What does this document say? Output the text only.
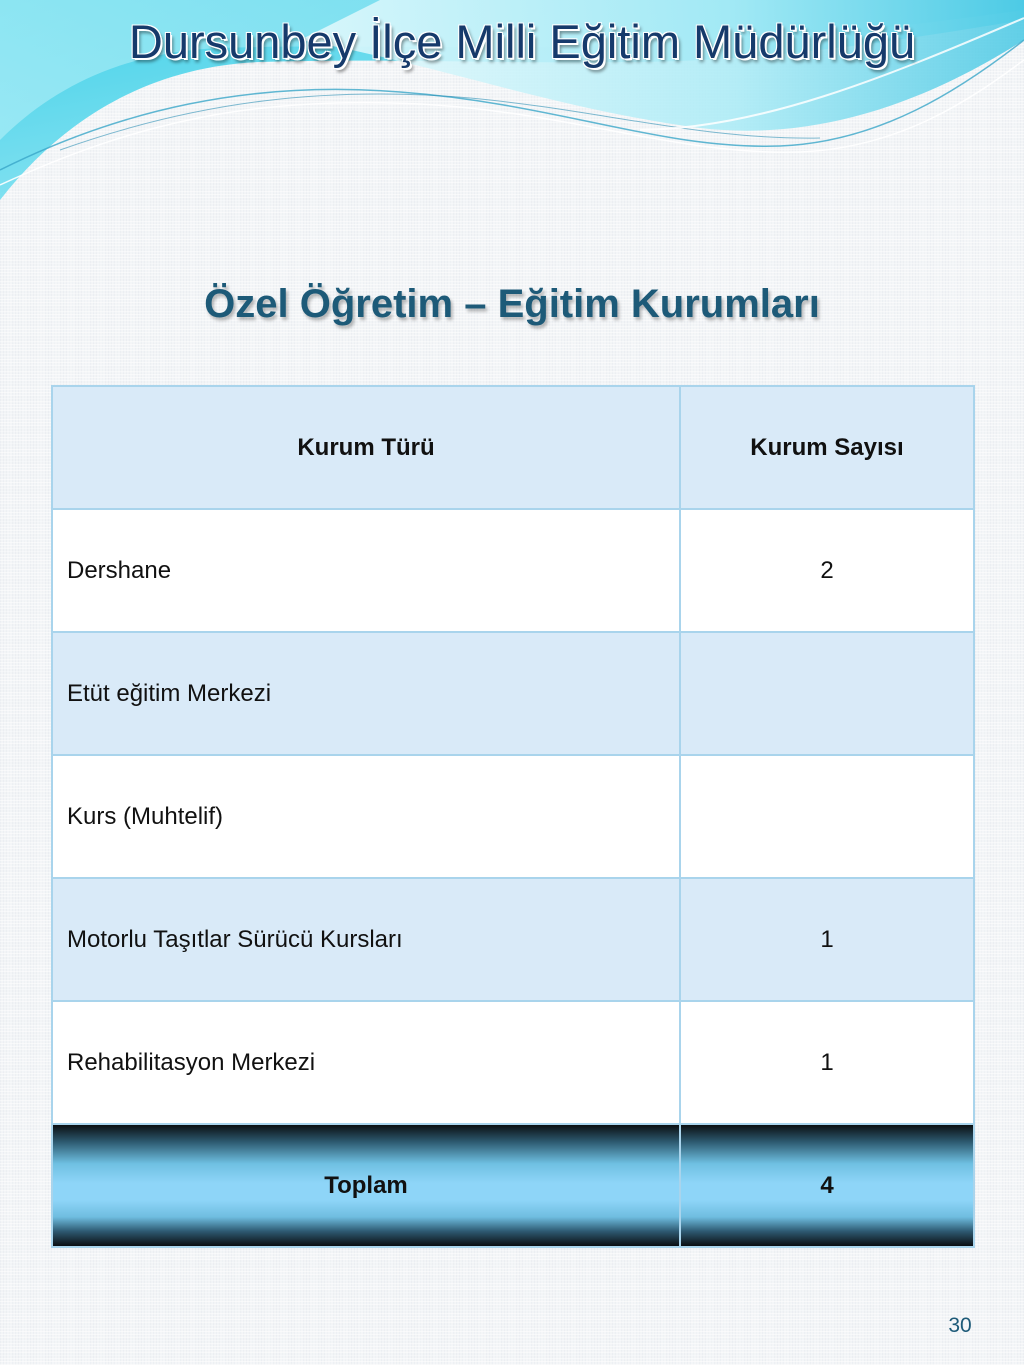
Dursunbey İlçe Milli Eğitim Müdürlüğü
Özel Öğretim – Eğitim Kurumları
Kurum Türü	Kurum Sayısı
Dershane	2
Etüt eğitim Merkezi	
Kurs (Muhtelif)	
Motorlu Taşıtlar Sürücü Kursları	1
Rehabilitasyon Merkezi	1
Toplam	4
30
